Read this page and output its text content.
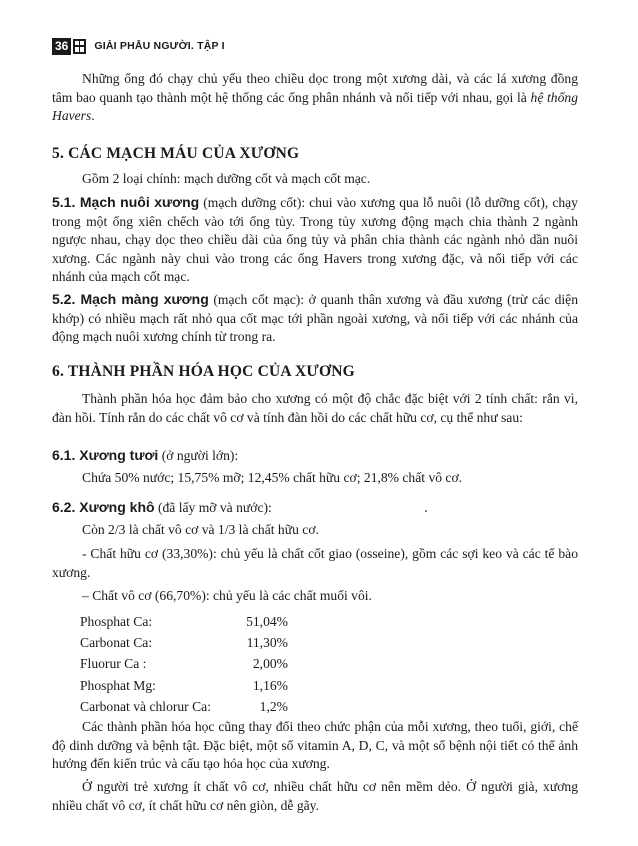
36 GIẢI PHẪU NGƯỜI. TẬP I

Những ống đó chạy chủ yếu theo chiều dọc trong một xương dài, và các lá xương đồng tâm bao quanh tạo thành một hệ thống các ống phân nhánh và nối tiếp với nhau, gọi là hệ thống Havers.

5. CÁC MẠCH MÁU CỦA XƯƠNG

Gồm 2 loại chính: mạch dưỡng cốt và mạch cốt mạc.

5.1. Mạch nuôi xương (mạch dưỡng cốt): chui vào xương qua lỗ nuôi (lỗ dưỡng cốt), chạy trong một ống xiên chếch vào tới ống tủy. Trong tủy xương động mạch chia thành 2 ngành ngược nhau, chạy dọc theo chiều dài của ống tủy và phân chia thành các ngành nhỏ dần nuôi xương. Các ngành này chui vào trong các ống Havers trong xương đặc, và nối tiếp với các nhánh của mạch cốt mạc.

5.2. Mạch màng xương (mạch cốt mạc): ở quanh thân xương và đầu xương (trừ các diện khớp) có nhiều mạch rất nhỏ qua cốt mạc tới phần ngoài xương, và nối tiếp với các nhánh của động mạch nuôi xương chính từ trong ra.

6. THÀNH PHẦN HÓA HỌC CỦA XƯƠNG

Thành phần hóa học đảm bảo cho xương có một độ chắc đặc biệt với 2 tính chất: rắn vì, đàn hồi. Tính rắn do các chất vô cơ và tính đàn hồi do các chất hữu cơ, cụ thể như sau:

6.1. Xương tươi (ở người lớn):

Chứa 50% nước; 15,75% mỡ; 12,45% chất hữu cơ; 21,8% chất vô cơ.

6.2. Xương khô (đã lấy mỡ và nước):

Còn 2/3 là chất vô cơ và 1/3 là chất hữu cơ.

- Chất hữu cơ (33,30%): chủ yếu là chất cốt giao (osseine), gồm các sợi keo và các tế bào xương.

– Chất vô cơ (66,70%): chủ yếu là các chất muối vôi.

Phosphat Ca:	51,04%
Carbonat Ca:	11,30%
Fluorur Ca :	2,00%
Phosphat Mg:	1,16%
Carbonat và chlorur Ca:	1,2%

Các thành phần hóa học cũng thay đổi theo chức phận của mỗi xương, theo tuổi, giới, chế độ dinh dưỡng và bệnh tật. Đặc biệt, một số vitamin A, D, C, và một số bệnh nội tiết có thể ảnh hưởng đến kiến trúc và cấu tạo hóa học của xương.

Ở người trẻ xương ít chất vô cơ, nhiều chất hữu cơ nên mềm dẻo. Ở người già, xương nhiều chất vô cơ, ít chất hữu cơ nên giòn, dễ gãy.
